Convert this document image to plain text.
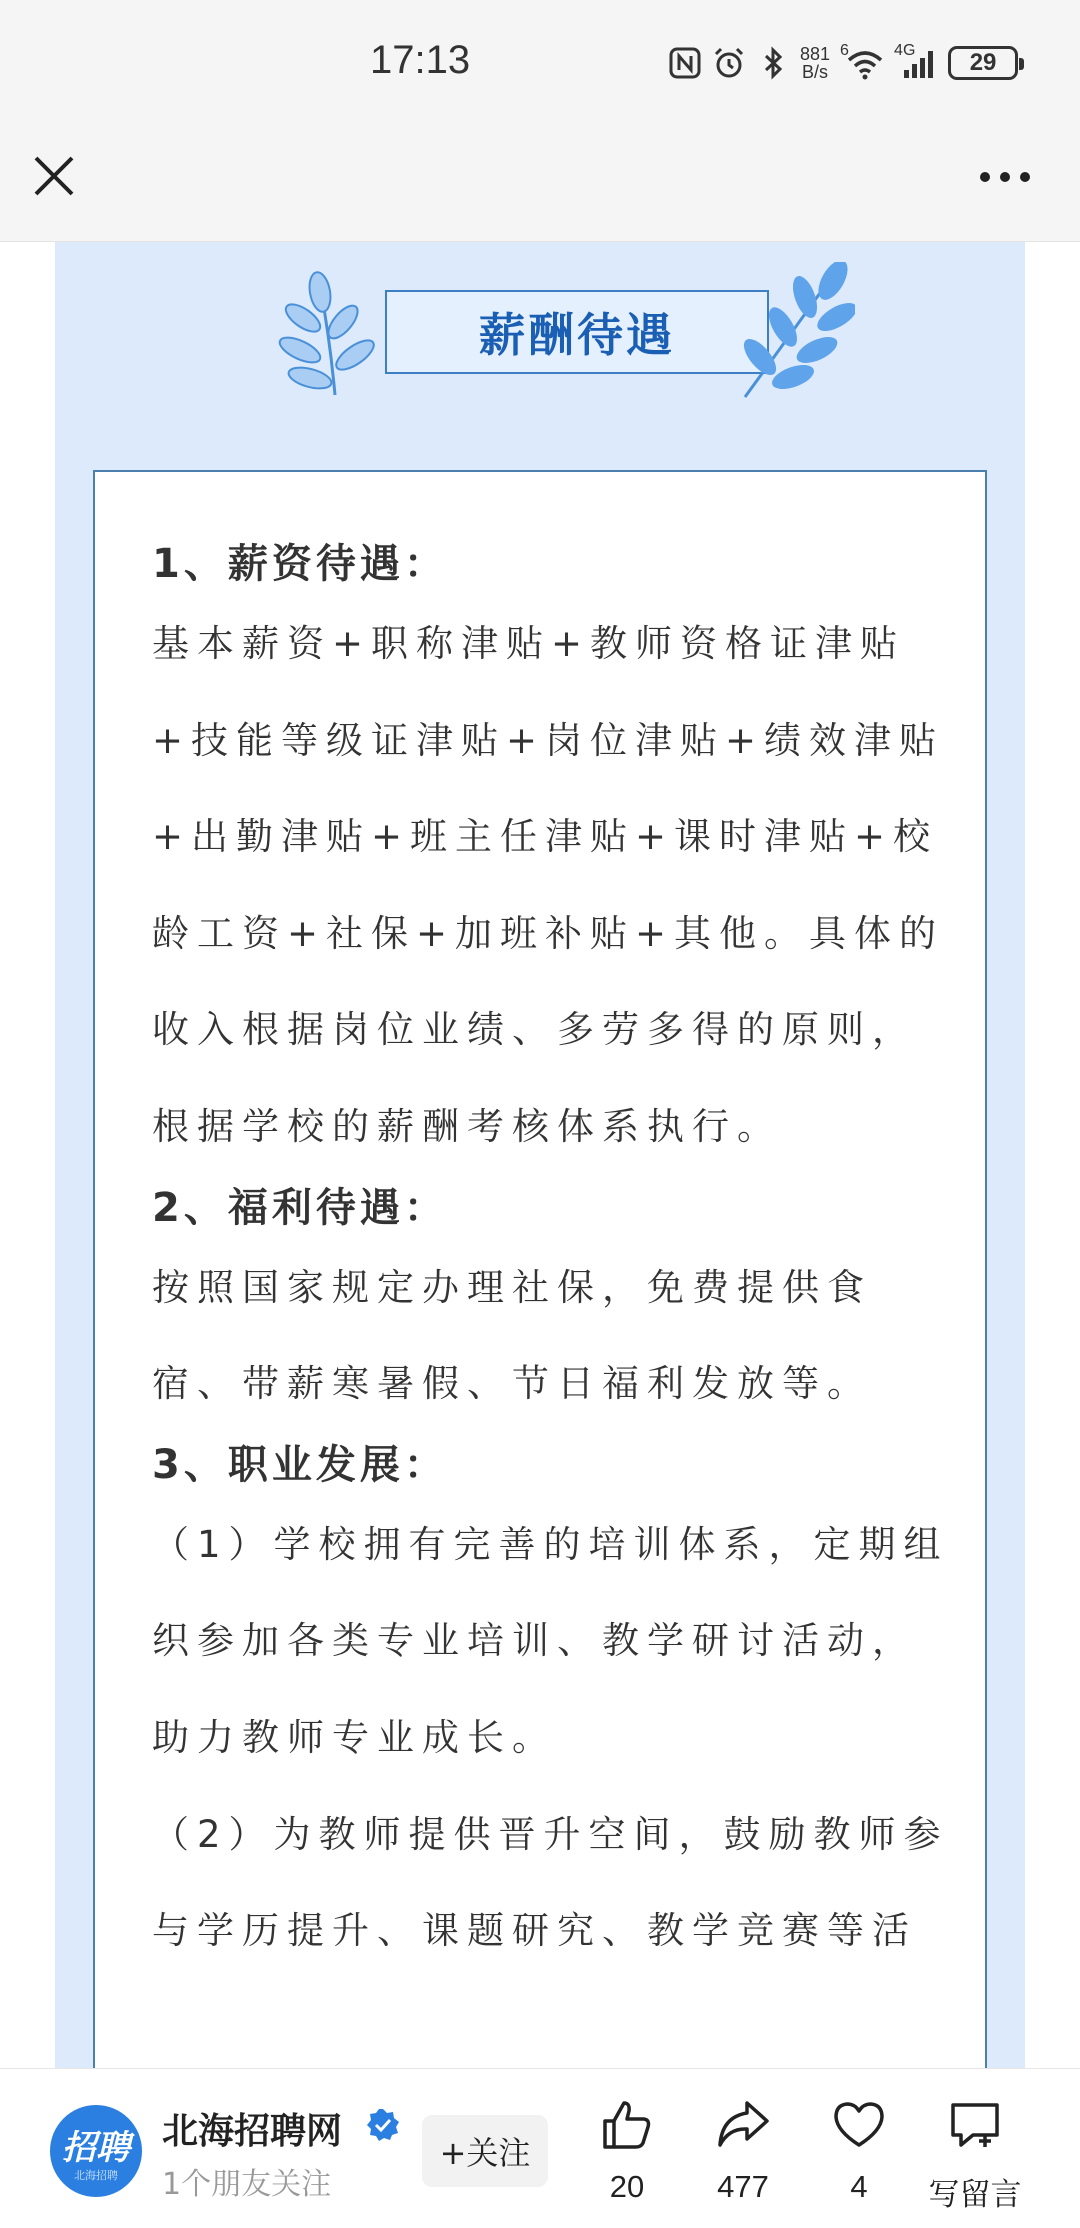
17:13	881
B/s
6	4G	29
薪酬待遇
1、薪资待遇：
基本薪资+职称津贴+教师资格证津贴+技能等级证津贴+岗位津贴+绩效津贴+出勤津贴+班主任津贴+课时津贴+校龄工资+社保+加班补贴+其他。具体的收入根据岗位业绩、多劳多得的原则，根据学校的薪酬考核体系执行。
2、福利待遇：
按照国家规定办理社保，免费提供食宿、带薪寒暑假、节日福利发放等。
3、职业发展：
（1）学校拥有完善的培训体系，定期组织参加各类专业培训、教学研讨活动，助力教师专业成长。
（2）为教师提供晋升空间，鼓励教师参与学历提升、课题研究、教学竞赛等活
招聘
北海招聘
北海招聘网
1个朋友关注
+关注
20 477	4 写留言
